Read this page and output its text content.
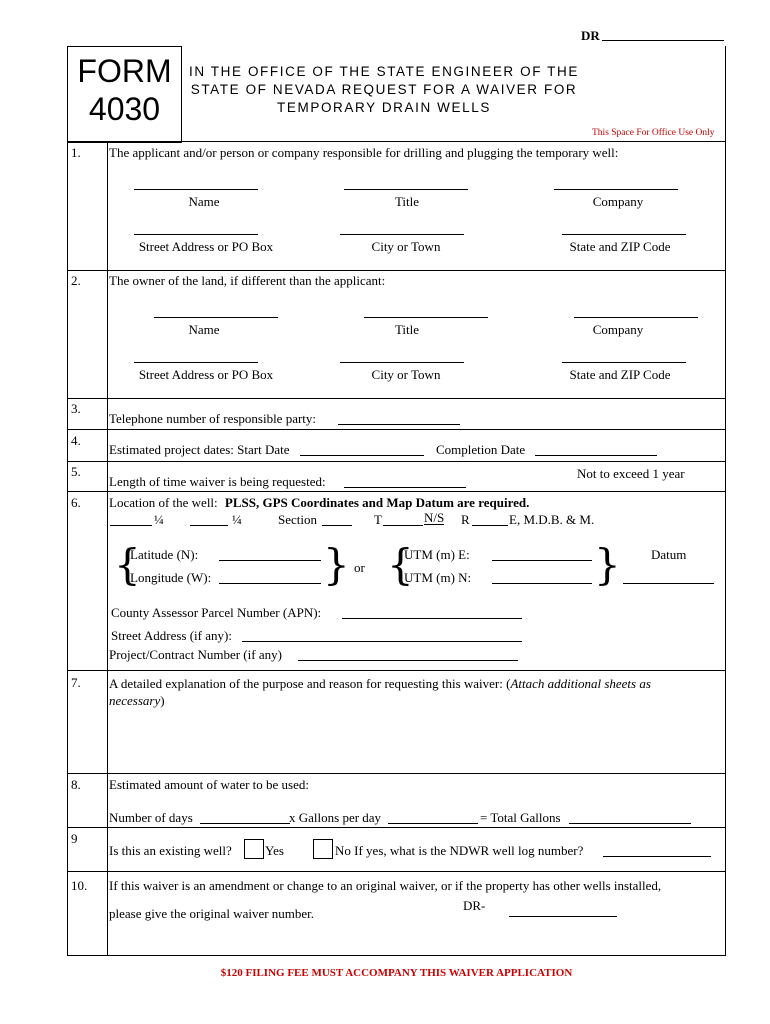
DR
FORM
4030
IN THE OFFICE OF THE STATE ENGINEER OF THE
STATE OF NEVADA REQUEST FOR A WAIVER FOR
TEMPORARY DRAIN WELLS
This Space For Office Use Only
1. The applicant and/or person or company responsible for drilling and plugging the temporary well:
Name	Title	Company
Street Address or PO Box	City or Town	State and ZIP Code
2. The owner of the land, if different than the applicant:
Name	Title	Company
Street Address or PO Box	City or Town	State and ZIP Code
3.
Telephone number of responsible party:
4.
Estimated project dates: Start Date	Completion Date
5.
Length of time waiver is being requested:
Not to exceed 1 year
6. Location of the well: PLSS, GPS Coordinates and Map Datum are required.
¼	¼	Section	T	N/S R	E, M.D.B. & M.
{
Latitude (N):
Longitude (W):	} or {
UTM (m) E:
UTM (m) N:	} Datum
County Assessor Parcel Number (APN):
Street Address (if any):
Project/Contract Number (if any)
7. A detailed explanation of the purpose and reason for requesting this waiver: (Attach additional sheets as necessary)
8. Estimated amount of water to be used:
Number of days	x Gallons per day	= Total Gallons
9
Is this an existing well?	Yes	No If yes, what is the NDWR well log number?
10. If this waiver is an amendment or change to an original waiver, or if the property has other wells installed,
please give the original waiver number.
DR-
$120 FILING FEE MUST ACCOMPANY THIS WAIVER APPLICATION
